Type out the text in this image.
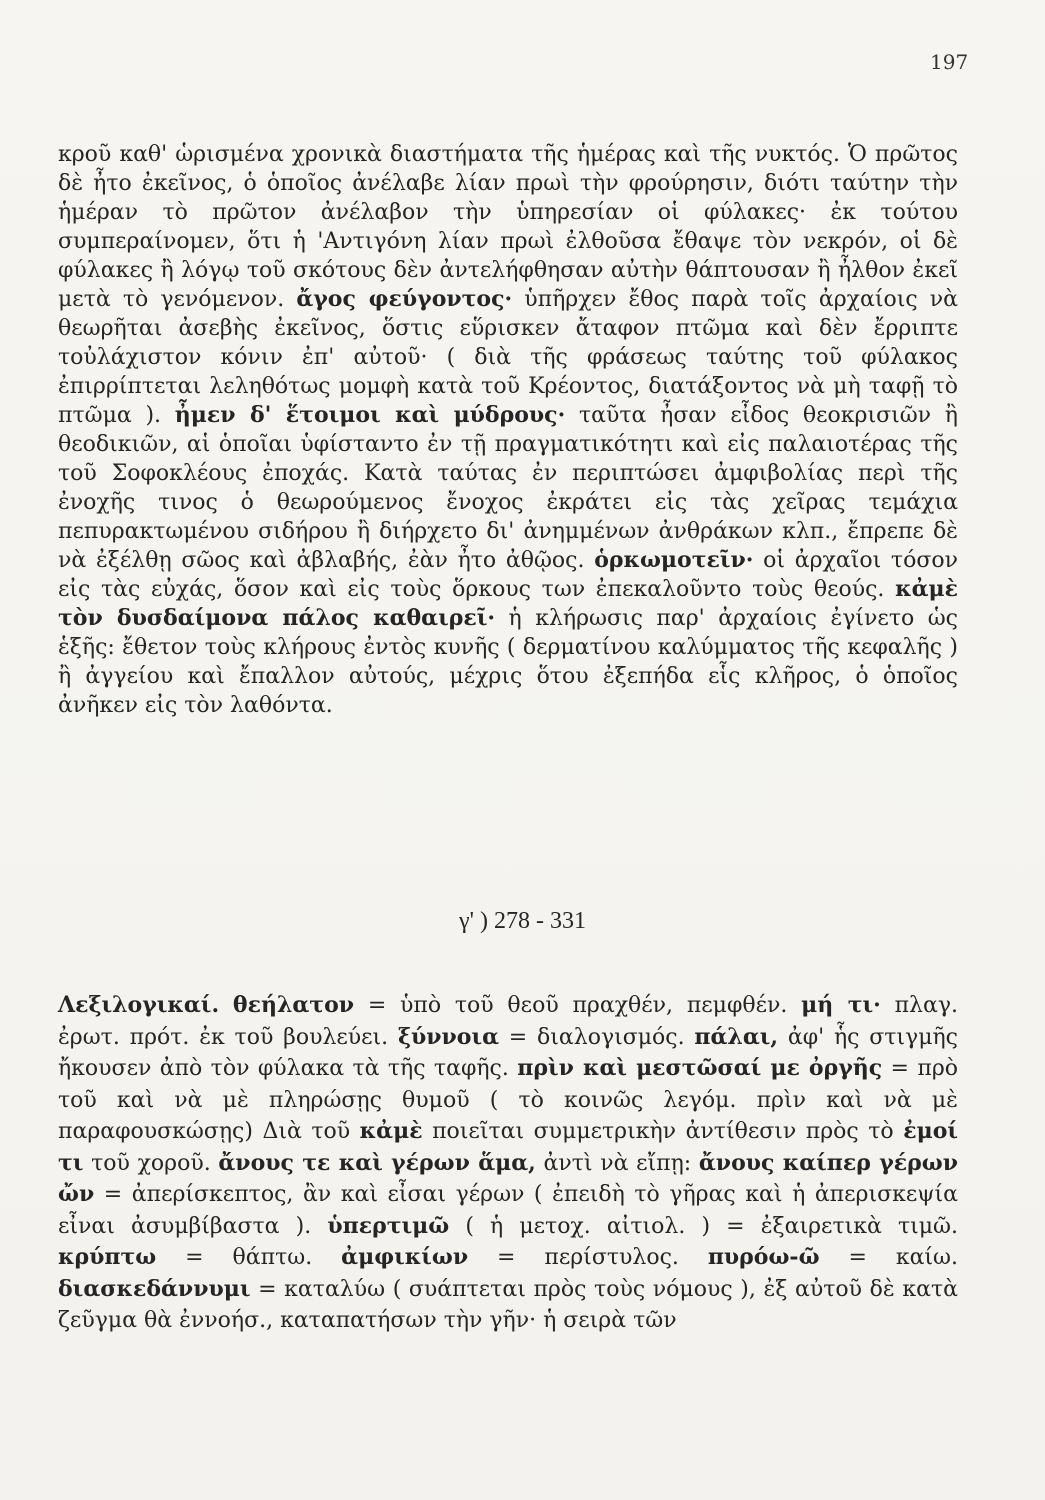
197
κροῦ καθ' ὡρισμένα χρονικὰ διαστήματα τῆς ἡμέρας καὶ τῆς νυκτός. Ὁ πρῶτος δὲ ἦτο ἐκεῖνος, ὁ ὁποῖος ἀνέλαβε λίαν πρωὶ τὴν φρούρησιν, διότι ταύτην τὴν ἡμέραν τὸ πρῶτον ἀνέλαβον τὴν ὑπηρεσίαν οἱ φύλακες· ἐκ τούτου συμπεραίνομεν, ὅτι ἡ 'Αντιγόνη λίαν πρωὶ ἐλθοῦσα ἔθαψε τὸν νεκρόν, οἱ δὲ φύλακες ἢ λόγῳ τοῦ σκότους δὲν ἀντελήφθησαν αὐτὴν θάπτουσαν ἢ ἦλθον ἐκεῖ μετὰ τὸ γενόμενον. ἄγος φεύγοντος· ὑπῆρχεν ἔθος παρὰ τοῖς ἀρχαίοις νὰ θεωρῆται ἀσεβὴς ἐκεῖνος, ὅστις εὕρισκεν ἄταφον πτῶμα καὶ δὲν ἔρριπτε τοὐλάχιστον κόνιν ἐπ' αὐτοῦ· ( διὰ τῆς φράσεως ταύτης τοῦ φύλακος ἐπιρρίπτεται λεληθότως μομφὴ κατὰ τοῦ Κρέοντος, διατάξοντος νὰ μὴ ταφῇ τὸ πτῶμα ). ἦμεν δ' ἕτοιμοι καὶ μύδρους· ταῦτα ἦσαν εἶδος θεοκρισιῶν ἢ θεοδικιῶν, αἱ ὁποῖαι ὑφίσταντο ἐν τῇ πραγματικότητι καὶ εἰς παλαιοτέρας τῆς τοῦ Σοφοκλέους ἐποχάς. Κατὰ ταύτας ἐν περιπτώσει ἀμφιβολίας περὶ τῆς ἐνοχῆς τινος ὁ θεωρούμενος ἔνοχος ἐκράτει εἰς τὰς χεῖρας τεμάχια πεπυρακτωμένου σιδήρου ἢ διήρχετο δι' ἀνημμένων ἀνθράκων κλπ., ἔπρεπε δὲ νὰ ἐξέλθῃ σῶος καὶ ἀβλαβής, ἐὰν ἦτο ἀθῷος. ὁρκωμοτεῖν· οἱ ἀρχαῖοι τόσον εἰς τὰς εὐχάς, ὅσον καὶ εἰς τοὺς ὅρκους των ἐπεκαλοῦντο τοὺς θεούς. κἀμὲ τὸν δυσδαίμονα πάλος καθαιρεῖ· ἡ κλήρωσις παρ' ἀρχαίοις ἐγίνετο ὡς ἑξῆς: ἔθετον τοὺς κλήρους ἐντὸς κυνῆς ( δερματίνου καλύμματος τῆς κεφαλῆς ) ἢ ἀγγείου καὶ ἔπαλλον αὐτούς, μέχρις ὅτου ἐξεπήδα εἷς κλῆρος, ὁ ὁποῖος ἀνῆκεν εἰς τὸν λαθόντα.
γ' ) 278 - 331
Λεξιλογικαί. θεήλατον = ὑπὸ τοῦ θεοῦ πραχθέν, πεμφθέν. μή τι· πλαγ. ἐρωτ. πρότ. ἐκ τοῦ βουλεύει. ξύννοια = διαλογισμός. πάλαι, ἀφ' ἧς στιγμῆς ἤκουσεν ἀπὸ τὸν φύλακα τὰ τῆς ταφῆς. πρὶν καὶ μεστῶσαί με ὀργῆς = πρὸ τοῦ καὶ νὰ μὲ πληρώσῃς θυμοῦ ( τὸ κοινῶς λεγόμ. πρὶν καὶ νὰ μὲ παραφουσκώσῃς) Διὰ τοῦ κἀμὲ ποιεῖται συμμετρικὴν ἀντίθεσιν πρὸς τὸ ἐμοί τι τοῦ χοροῦ. ἄνους τε καὶ γέρων ἅμα, ἀντὶ νὰ εἴπῃ: ἄνους καίπερ γέρων ὤν = ἀπερίσκεπτος, ἂν καὶ εἶσαι γέρων ( ἐπειδὴ τὸ γῆρας καὶ ἡ ἀπερισκεψία εἶναι ἀσυμβίβαστα ). ὑπερτιμῶ ( ἡ μετοχ. αἰτιολ. ) = ἐξαιρετικὰ τιμῶ. κρύπτω = θάπτω. ἀμφικίων = περίστυλος. πυρόω-ῶ = καίω. διασκεδάννυμι = καταλύω ( συάπτεται πρὸς τοὺς νόμους ), ἐξ αὐτοῦ δὲ κατὰ ζεῦγμα θὰ ἐννοήσ., καταπατήσων τὴν γῆν· ἡ σειρὰ τῶν
